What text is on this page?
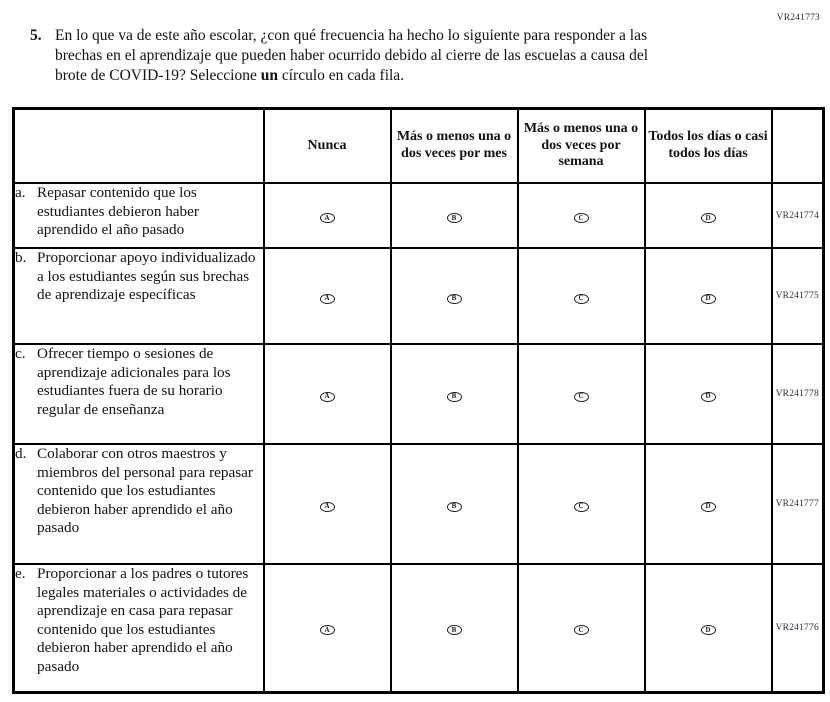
VR241773
5. En lo que va de este año escolar, ¿con qué frecuencia ha hecho lo siguiente para responder a las brechas en el aprendizaje que pueden haber ocurrido debido al cierre de las escuelas a causa del brote de COVID-19? Seleccione un círculo en cada fila.

	Nunca	Más o menos una o dos veces por mes	Más o menos una o dos veces por semana	Todos los días o casi todos los días	

a. Repasar contenido que los estudiantes debieron haber aprendido el año pasado	A	B	C	D	VR241774

b. Proporcionar apoyo individualizado a los estudiantes según sus brechas de aprendizaje específicas	A	B	C	D	VR241775

c. Ofrecer tiempo o sesiones de aprendizaje adicionales para los estudiantes fuera de su horario regular de enseñanza	A	B	C	D	VR241778

d. Colaborar con otros maestros y miembros del personal para repasar contenido que los estudiantes debieron haber aprendido el año pasado	A	B	C	D	VR241777

e. Proporcionar a los padres o tutores legales materiales o actividades de aprendizaje en casa para repasar contenido que los estudiantes debieron haber aprendido el año pasado	A	B	C	D	VR241776
